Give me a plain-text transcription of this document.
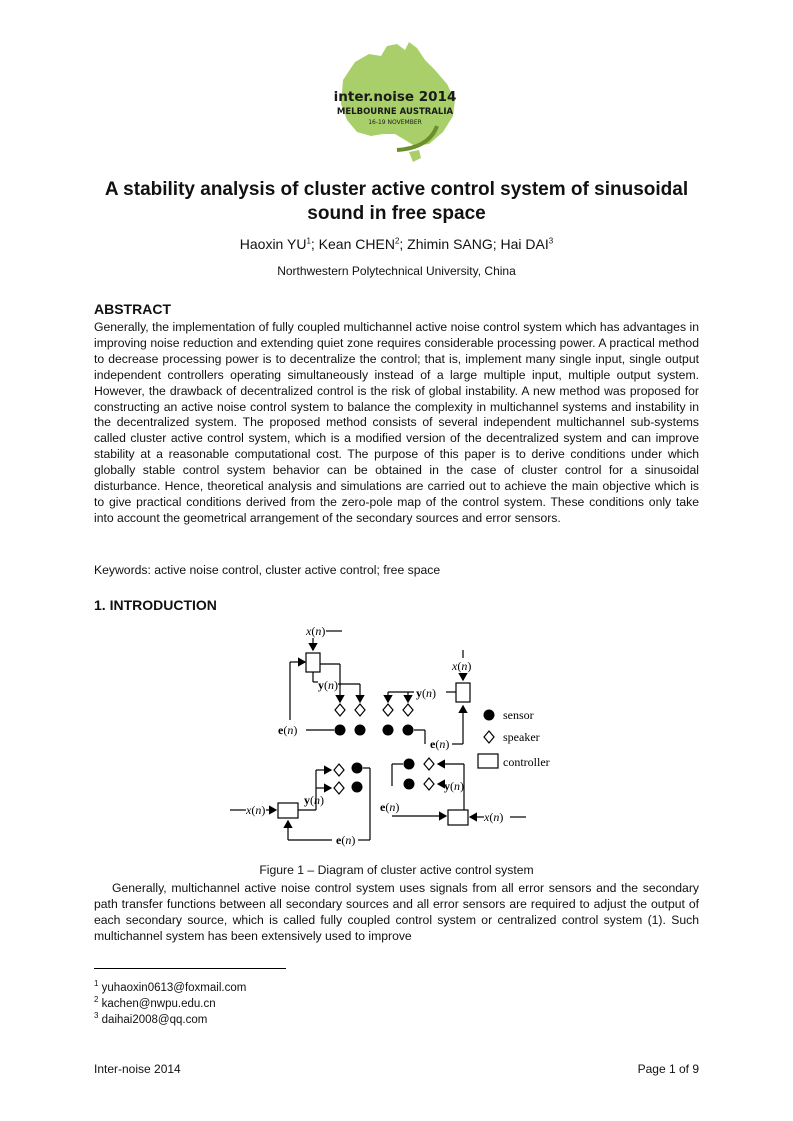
inter.noise 2014
MELBOURNE AUSTRALIA
16-19 NOVEMBER
A stability analysis of cluster active control system of sinusoidal sound in free space
Haoxin $YU^1$; Kean CHEN$^2$; Zhimin SANG; Hai DAI$^3$
Northwestern Polytechnical University, China
ABSTRACT

Generally, the implementation of fully coupled multichannel active noise control system which has advantages in improving noise reduction and extending quiet zone requires considerable processing power. A practical method to decrease processing power is to decentralize the control; that is, implement many single input, single output independent controllers operating simultaneously instead of a large multiple input, multiple output system. However, the drawback of decentralized control is the risk of global instability. A new method was proposed for constructing an active noise control system to balance the complexity in multichannel systems and instability in the decentralized system. The proposed method consists of several independent multichannel sub-systems called cluster active control system, which is a modified version of the decentralized system and can improve stability at a reasonable computational cost. The purpose of this paper is to derive conditions under which globally stable control system behavior can be obtained in the case of cluster control for a sinusoidal disturbance. Hence, theoretical analysis and simulations are carried out to achieve the main objective which is to give practical conditions derived from the zero-pole map of the control system. These conditions only take into account the geometrical arrangement of the secondary sources and error sensors.

Keywords: active noise control, cluster active control; free space
1. INTRODUCTION
x(n)
y(n)
e(n)
x(n)
y(n)
e(n)
sensor
speaker
controller
x(n)
y(n)
e(n)
y(n)
e(n)
x(n)
Figure 1 – Diagram of cluster active control system

Generally, multichannel active noise control system uses signals from all error sensors and the secondary path transfer functions between all secondary sources and all error sensors are required to adjust the output of each secondary source, which is called fully coupled control system or centralized control system (1). Such multichannel system has been extensively used to improve

$^1$ yuhaoxin0613@foxmail.com
$^2$ kachen@nwpu.edu.cn
$^3$ daihai2008@qq.com
Inter-noise 2014	Page 1 of 9
